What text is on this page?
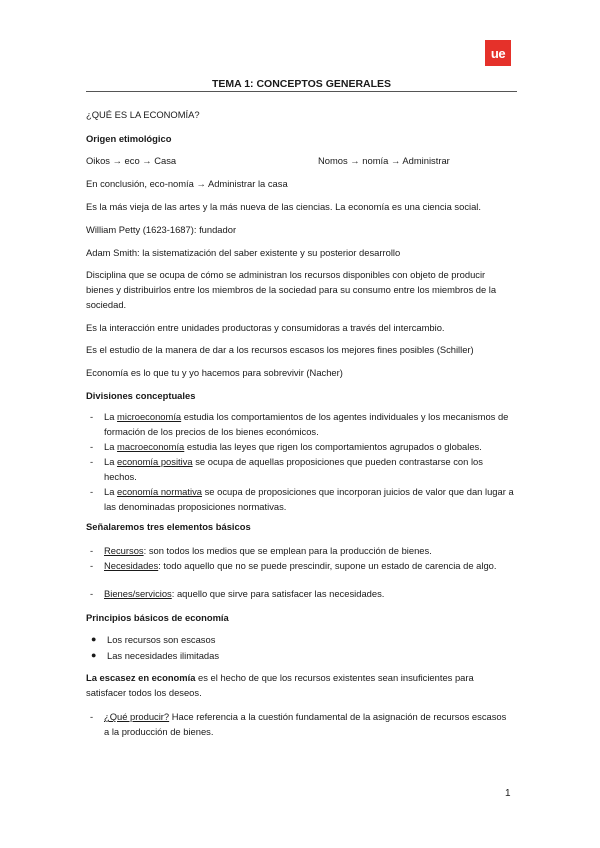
ue
TEMA 1: CONCEPTOS GENERALES
¿QUÉ ES LA ECONOMÍA?
Origen etimológico
Oikos → eco → Casa	Nomos → nomía → Administrar
En conclusión, eco-nomía → Administrar la casa
Es la más vieja de las artes y la más nueva de las ciencias. La economía es una ciencia social.
William Petty (1623-1687): fundador
Adam Smith: la sistematización del saber existente y su posterior desarrollo
Disciplina que se ocupa de cómo se administran los recursos disponibles con objeto de producir bienes y distribuirlos entre los miembros de la sociedad para su consumo entre los miembros de la sociedad.
Es la interacción entre unidades productoras y consumidoras a través del intercambio.
Es el estudio de la manera de dar a los recursos escasos los mejores fines posibles (Schiller)
Economía es lo que tu y yo hacemos para sobrevivir (Nacher)
Divisiones conceptuales
- La microeconomía estudia los comportamientos de los agentes individuales y los mecanismos de formación de los precios de los bienes económicos.
- La macroeconomía estudia las leyes que rigen los comportamientos agrupados o globales.
- La economía positiva se ocupa de aquellas proposiciones que pueden contrastarse con los hechos.
- La economía normativa se ocupa de proposiciones que incorporan juicios de valor que dan lugar a las denominadas proposiciones normativas.
Señalaremos tres elementos básicos
- Recursos: son todos los medios que se emplean para la producción de bienes.
- Necesidades: todo aquello que no se puede prescindir, supone un estado de carencia de algo.
- Bienes/servicios: aquello que sirve para satisfacer las necesidades.
Principios básicos de economía
● Los recursos son escasos
● Las necesidades ilimitadas
La escasez en economía es el hecho de que los recursos existentes sean insuficientes para satisfacer todos los deseos.
- ¿Qué producir? Hace referencia a la cuestión fundamental de la asignación de recursos escasos a la producción de bienes.
1
